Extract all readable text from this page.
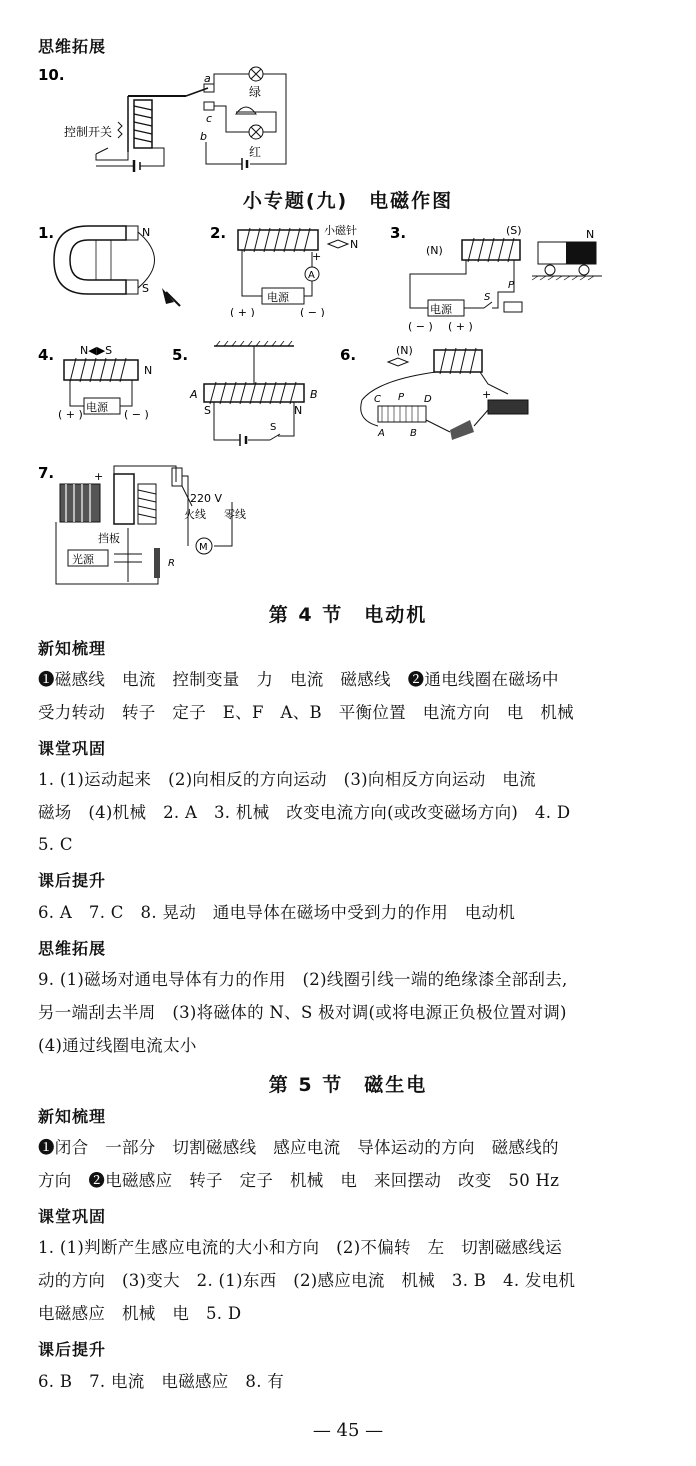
思维拓展
10.	a
c
b
绿
红
控制开关
小专题(九)　电磁作图
1.	N
S
2.	小磁针
N
+
A
电源
( + )	( − )
3.
(N)
(S)	N
电源
S
P
( − ) ( + )
4. N◀▶S
N
电源
( + )	( − )
5.
A	B
S	N
S
6.	(N)
C P D
A	B
+
7.	+
220 V
火线 零线
M
挡板
光源	R
第 4 节　电动机
新知梳理
❶磁感线　电流　控制变量　力　电流　磁感线　❷通电线圈在磁场中
受力转动　转子　定子　E、F　A、B　平衡位置　电流方向　电　机械
课堂巩固
1. (1)运动起来　(2)向相反的方向运动　(3)向相反方向运动　电流
磁场　(4)机械　2. A　3. 机械　改变电流方向(或改变磁场方向)　4. D
5. C
课后提升
6. A　7. C　8. 晃动　通电导体在磁场中受到力的作用　电动机
思维拓展
9. (1)磁场对通电导体有力的作用　(2)线圈引线一端的绝缘漆全部刮去,
另一端刮去半周　(3)将磁体的 N、S 极对调(或将电源正负极位置对调)
(4)通过线圈电流太小
第 5 节　磁生电
新知梳理
❶闭合　一部分　切割磁感线　感应电流　导体运动的方向　磁感线的
方向　❷电磁感应　转子　定子　机械　电　来回摆动　改变　50 Hz
课堂巩固
1. (1)判断产生感应电流的大小和方向　(2)不偏转　左　切割磁感线运
动的方向　(3)变大　2. (1)东西　(2)感应电流　机械　3. B　4. 发电机
电磁感应　机械　电　5. D
课后提升
6. B　7. 电流　电磁感应　8. 有
— 45 —
